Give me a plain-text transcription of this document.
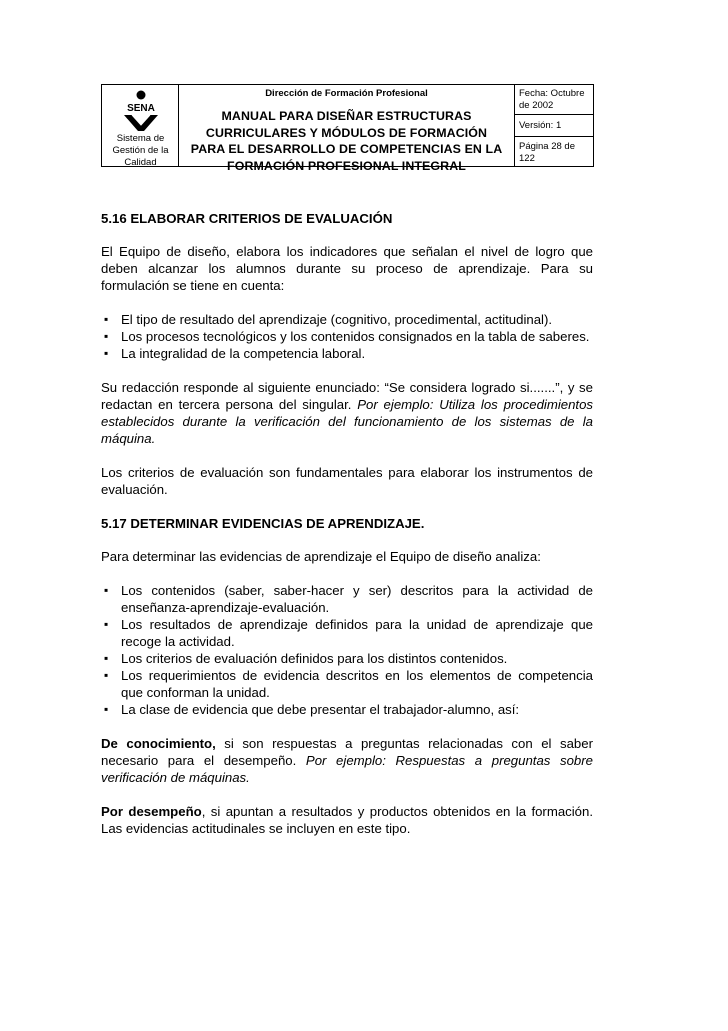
SENA
Sistema de
Gestión de la
Calidad
Dirección de Formación Profesional
MANUAL PARA DISEÑAR ESTRUCTURAS
CURRICULARES Y MÓDULOS DE FORMACIÓN
PARA EL DESARROLLO DE COMPETENCIAS EN LA
FORMACIÓN PROFESIONAL INTEGRAL
Fecha: Octubre
de 2002
Versión: 1
Página 28 de
122
5.16 ELABORAR CRITERIOS DE EVALUACIÓN
El Equipo de diseño, elabora los indicadores que señalan el nivel de logro que deben alcanzar los alumnos durante su proceso de aprendizaje. Para su formulación se tiene en cuenta:
▪ El tipo de resultado del aprendizaje (cognitivo, procedimental, actitudinal).
▪ Los procesos tecnológicos y los contenidos consignados en la tabla de saberes.
▪ La integralidad de la competencia laboral.
Su redacción responde al siguiente enunciado: “Se considera logrado si.......”, y se redactan en tercera persona del singular. Por ejemplo: Utiliza los procedimientos establecidos durante la verificación del funcionamiento de los sistemas de la máquina.
Los criterios de evaluación son fundamentales para elaborar los instrumentos de evaluación.
5.17 DETERMINAR EVIDENCIAS DE APRENDIZAJE.
Para determinar las evidencias de aprendizaje el Equipo de diseño analiza:
▪ Los contenidos (saber, saber-hacer y ser) descritos para la actividad de enseñanza-aprendizaje-evaluación.
▪ Los resultados de aprendizaje definidos para la unidad de aprendizaje que recoge la actividad.
▪ Los criterios de evaluación definidos para los distintos contenidos.
▪ Los requerimientos de evidencia descritos en los elementos de competencia que conforman la unidad.
▪ La clase de evidencia que debe presentar el trabajador-alumno, así:
De conocimiento, si son respuestas a preguntas relacionadas con el saber necesario para el desempeño. Por ejemplo: Respuestas a preguntas sobre verificación de máquinas.
Por desempeño, si apuntan a resultados y productos obtenidos en la formación. Las evidencias actitudinales se incluyen en este tipo.
